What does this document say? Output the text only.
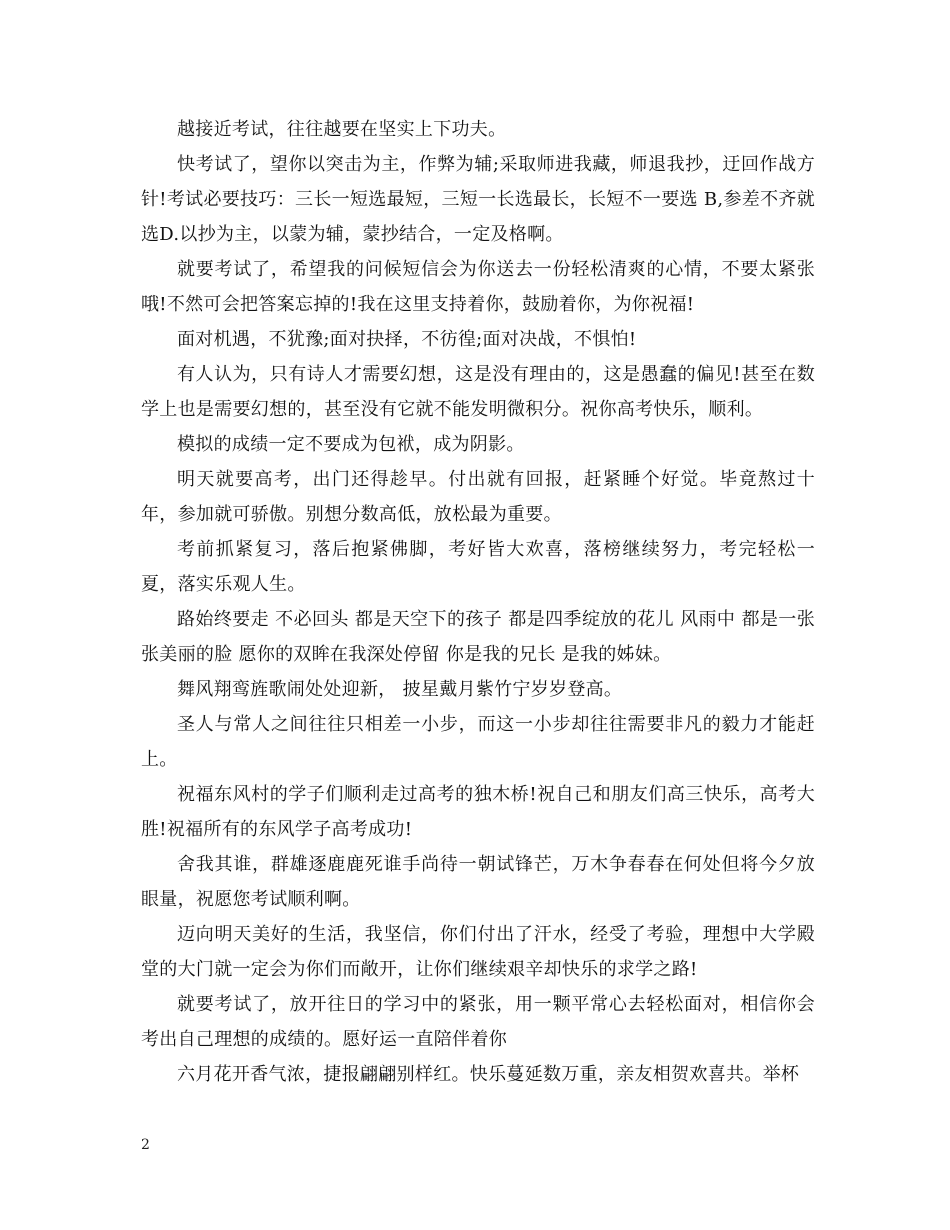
越接近考试，往往越要在坚实上下功夫。

快考试了，望你以突击为主，作弊为辅;采取师进我藏，师退我抄，迂回作战方针!考试必要技巧：三长一短选最短，三短一长选最长，长短不一要选 B,参差不齐就选D.以抄为主，以蒙为辅，蒙抄结合，一定及格啊。

就要考试了，希望我的问候短信会为你送去一份轻松清爽的心情，不要太紧张哦!不然可会把答案忘掉的!我在这里支持着你，鼓励着你，为你祝福!

面对机遇，不犹豫;面对抉择，不彷徨;面对决战，不惧怕!

有人认为，只有诗人才需要幻想，这是没有理由的，这是愚蠢的偏见!甚至在数学上也是需要幻想的，甚至没有它就不能发明微积分。祝你高考快乐，顺利。

模拟的成绩一定不要成为包袱，成为阴影。

明天就要高考，出门还得趁早。付出就有回报，赶紧睡个好觉。毕竟熬过十年，参加就可骄傲。别想分数高低，放松最为重要。

考前抓紧复习，落后抱紧佛脚，考好皆大欢喜，落榜继续努力，考完轻松一夏，落实乐观人生。

路始终要走 不必回头 都是天空下的孩子 都是四季绽放的花儿 风雨中 都是一张张美丽的脸 愿你的双眸在我深处停留 你是我的兄长 是我的姊妹。

舞风翔鸾旌歌闹处处迎新， 披星戴月紫竹宁岁岁登高。

圣人与常人之间往往只相差一小步，而这一小步却往往需要非凡的毅力才能赶上。

祝福东风村的学子们顺利走过高考的独木桥!祝自己和朋友们高三快乐，高考大胜!祝福所有的东风学子高考成功!

舍我其谁，群雄逐鹿鹿死谁手尚待一朝试锋芒，万木争春春在何处但将今夕放眼量，祝愿您考试顺利啊。

迈向明天美好的生活，我坚信，你们付出了汗水，经受了考验，理想中大学殿堂的大门就一定会为你们而敞开，让你们继续艰辛却快乐的求学之路!

就要考试了，放开往日的学习中的紧张，用一颗平常心去轻松面对，相信你会考出自己理想的成绩的。愿好运一直陪伴着你

六月花开香气浓，捷报翩翩别样红。快乐蔓延数万重，亲友相贺欢喜共。举杯

2
